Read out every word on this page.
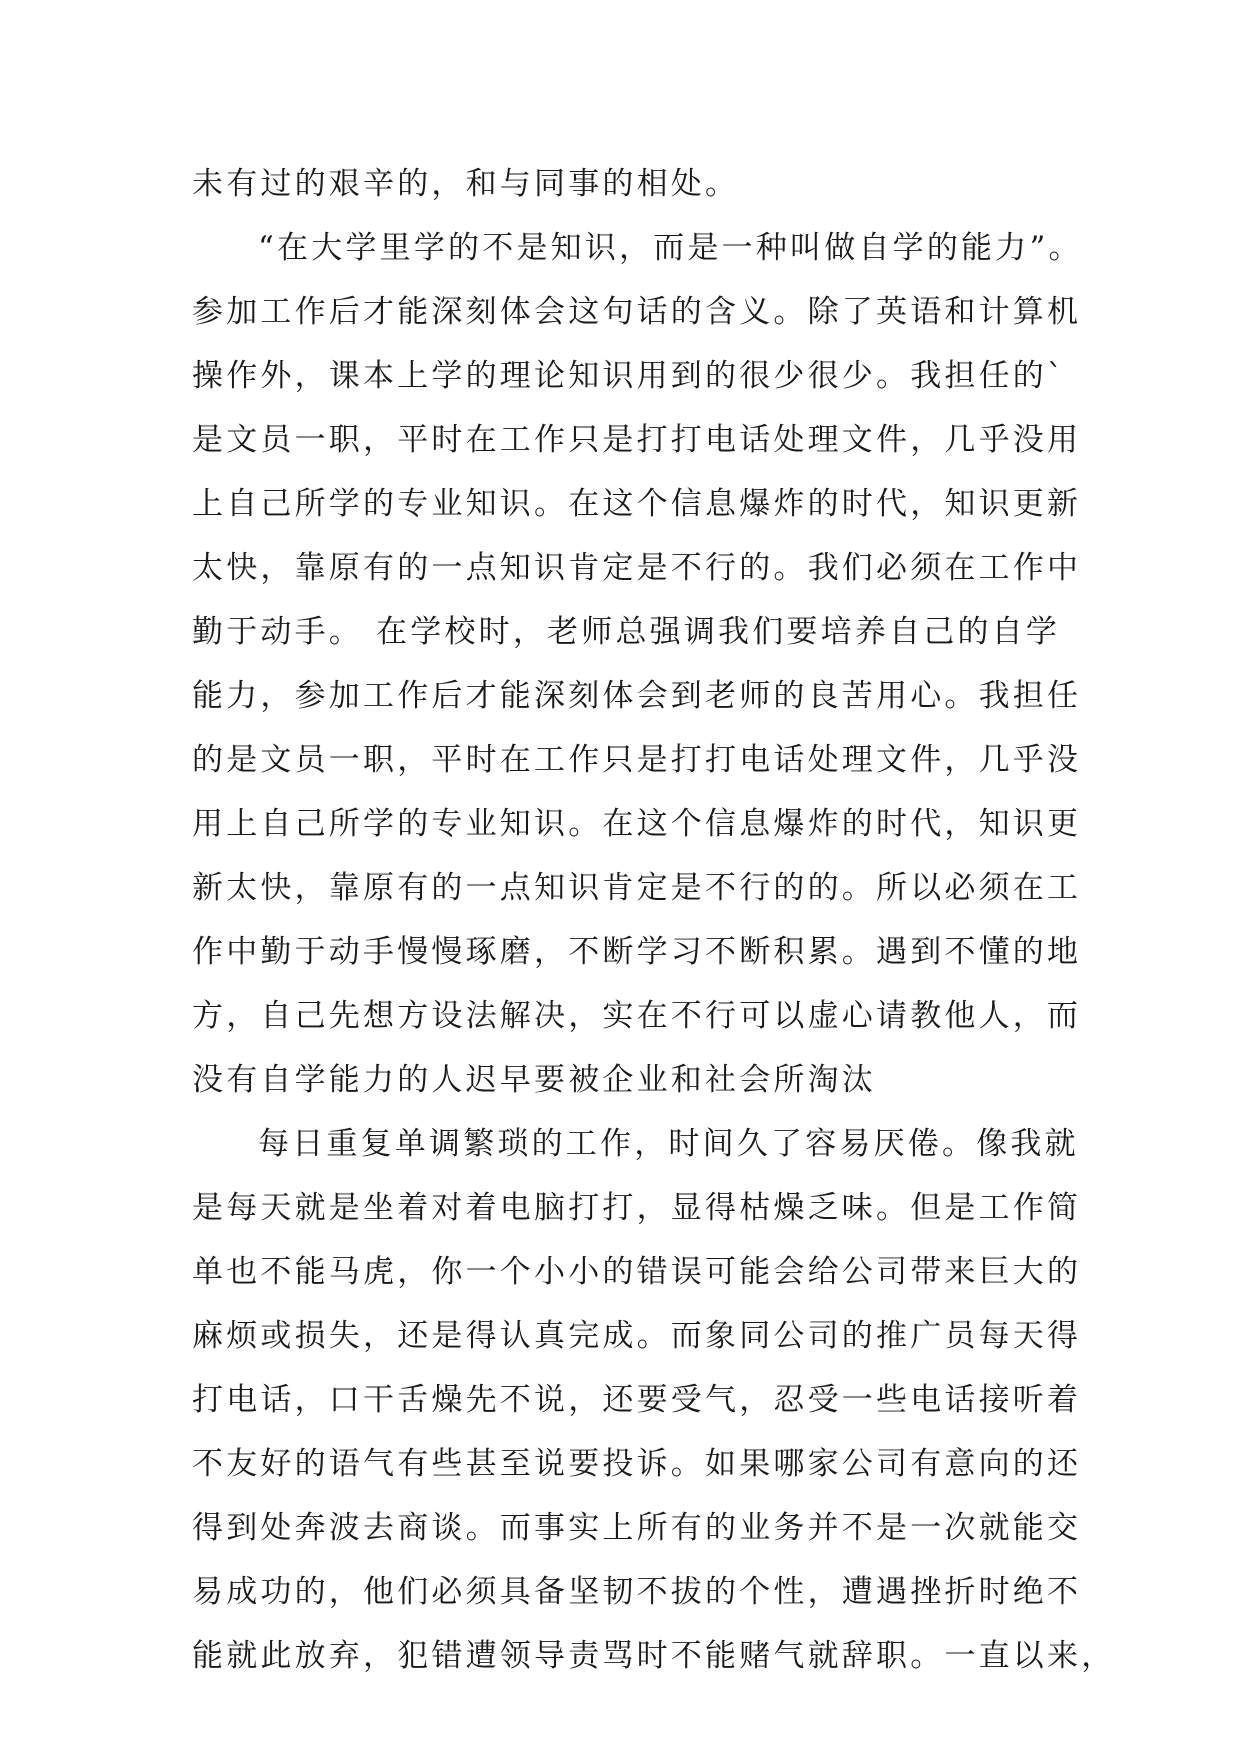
未有过的艰辛的，和与同事的相处。
“在大学里学的不是知识，而是一种叫做自学的能力”。
参加工作后才能深刻体会这句话的含义。除了英语和计算机
操作外，课本上学的理论知识用到的很少很少。我担任的`
是文员一职，平时在工作只是打打电话处理文件，几乎没用
上自己所学的专业知识。在这个信息爆炸的时代，知识更新
太快，靠原有的一点知识肯定是不行的。我们必须在工作中
勤于动手。 在学校时，老师总强调我们要培养自己的自学
能力，参加工作后才能深刻体会到老师的良苦用心。我担任
的是文员一职，平时在工作只是打打电话处理文件，几乎没
用上自己所学的专业知识。在这个信息爆炸的时代，知识更
新太快，靠原有的一点知识肯定是不行的的。所以必须在工
作中勤于动手慢慢琢磨，不断学习不断积累。遇到不懂的地
方，自己先想方设法解决，实在不行可以虚心请教他人，而
没有自学能力的人迟早要被企业和社会所淘汰
每日重复单调繁琐的工作，时间久了容易厌倦。像我就
是每天就是坐着对着电脑打打，显得枯燥乏味。但是工作简
单也不能马虎，你一个小小的错误可能会给公司带来巨大的
麻烦或损失，还是得认真完成。而象同公司的推广员每天得
打电话，口干舌燥先不说，还要受气，忍受一些电话接听着
不友好的语气有些甚至说要投诉。如果哪家公司有意向的还
得到处奔波去商谈。而事实上所有的业务并不是一次就能交
易成功的，他们必须具备坚韧不拔的个性，遭遇挫折时绝不
能就此放弃，犯错遭领导责骂时不能赌气就辞职。一直以来，
